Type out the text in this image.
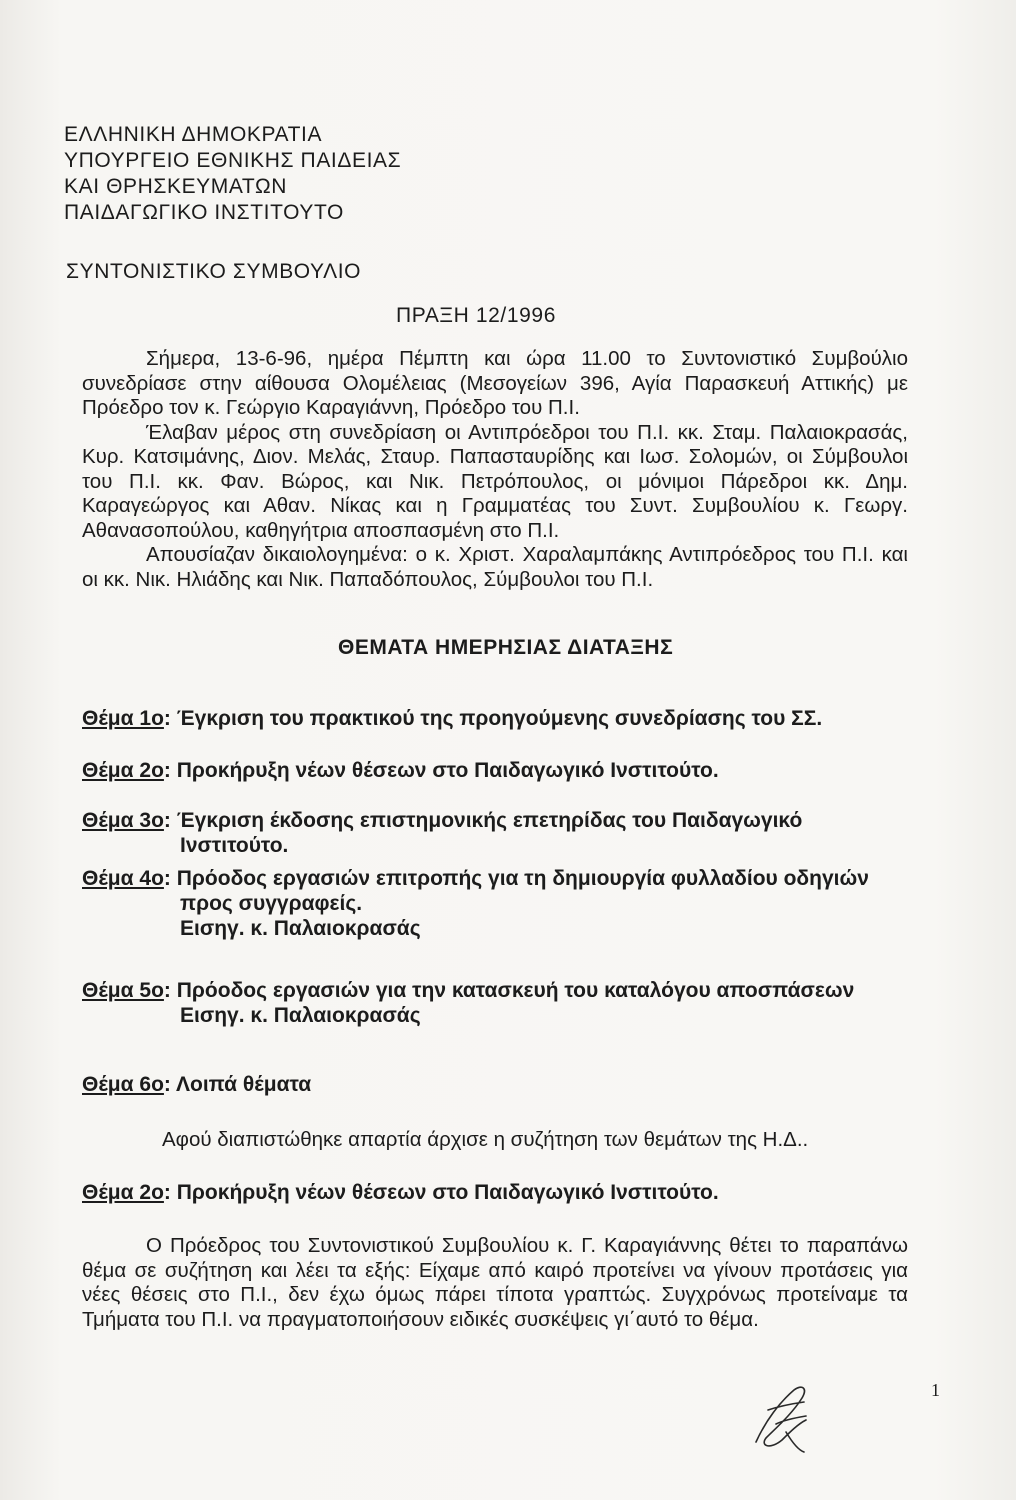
ΕΛΛΗΝΙΚΗ ΔΗΜΟΚΡΑΤΙΑ
ΥΠΟΥΡΓΕΙΟ ΕΘΝΙΚΗΣ ΠΑΙΔΕΙΑΣ
ΚΑΙ ΘΡΗΣΚΕΥΜΑΤΩΝ
ΠΑΙΔΑΓΩΓΙΚΟ ΙΝΣΤΙΤΟΥΤΟ
ΣΥΝΤΟΝΙΣΤΙΚΟ ΣΥΜΒΟΥΛΙΟ
ΠΡΑΞΗ 12/1996

Σήμερα, 13-6-96, ημέρα Πέμπτη και ώρα 11.00 το Συντονιστικό Συμβούλιο συνεδρίασε στην αίθουσα Ολομέλειας (Μεσογείων 396, Αγία Παρασκευή Αττικής) με Πρόεδρο τον κ. Γεώργιο Καραγιάννη, Πρόεδρο του Π.Ι.

Έλαβαν μέρος στη συνεδρίαση οι Αντιπρόεδροι του Π.Ι. κκ. Σταμ. Παλαιοκρασάς, Κυρ. Κατσιμάνης, Διον. Μελάς, Σταυρ. Παπασταυρίδης και Ιωσ. Σολομών, οι Σύμβουλοι του Π.Ι. κκ. Φαν. Βώρος, και Νικ. Πετρόπουλος, οι μόνιμοι Πάρεδροι κκ. Δημ. Καραγεώργος και Αθαν. Νίκας και η Γραμματέας του Συντ. Συμβουλίου κ. Γεωργ. Αθανασοπούλου, καθηγήτρια αποσπασμένη στο Π.Ι.

Απουσίαζαν δικαιολογημένα: ο κ. Χριστ. Χαραλαμπάκης Αντιπρόεδρος του Π.Ι. και οι κκ. Νικ. Ηλιάδης και Νικ. Παπαδόπουλος, Σύμβουλοι του Π.Ι.

ΘΕΜΑΤΑ ΗΜΕΡΗΣΙΑΣ ΔΙΑΤΑΞΗΣ
Θέμα 1ο: Έγκριση του πρακτικού της προηγούμενης συνεδρίασης του ΣΣ.
Θέμα 2ο: Προκήρυξη νέων θέσεων στο Παιδαγωγικό Ινστιτούτο.
Θέμα 3ο: Έγκριση έκδοσης επιστημονικής επετηρίδας του Παιδαγωγικό
Ινστιτούτο.
Θέμα 4ο: Πρόοδος εργασιών επιτροπής για τη δημιουργία φυλλαδίου οδηγιών
προς συγγραφείς.
Εισηγ. κ. Παλαιοκρασάς
Θέμα 5ο: Πρόοδος εργασιών για την κατασκευή του καταλόγου αποσπάσεων
Εισηγ. κ. Παλαιοκρασάς
Θέμα 6ο: Λοιπά θέματα
Αφού διαπιστώθηκε απαρτία άρχισε η συζήτηση των θεμάτων της Η.Δ..
Θέμα 2ο: Προκήρυξη νέων θέσεων στο Παιδαγωγικό Ινστιτούτο.

Ο Πρόεδρος του Συντονιστικού Συμβουλίου κ. Γ. Καραγιάννης θέτει το παραπάνω θέμα σε συζήτηση και λέει τα εξής: Είχαμε από καιρό προτείνει να γίνουν προτάσεις για νέες θέσεις στο Π.Ι., δεν έχω όμως πάρει τίποτα γραπτώς. Συγχρόνως προτείναμε τα Τμήματα του Π.Ι. να πραγματοποιήσουν ειδικές συσκέψεις γι΄αυτό το θέμα.

1
